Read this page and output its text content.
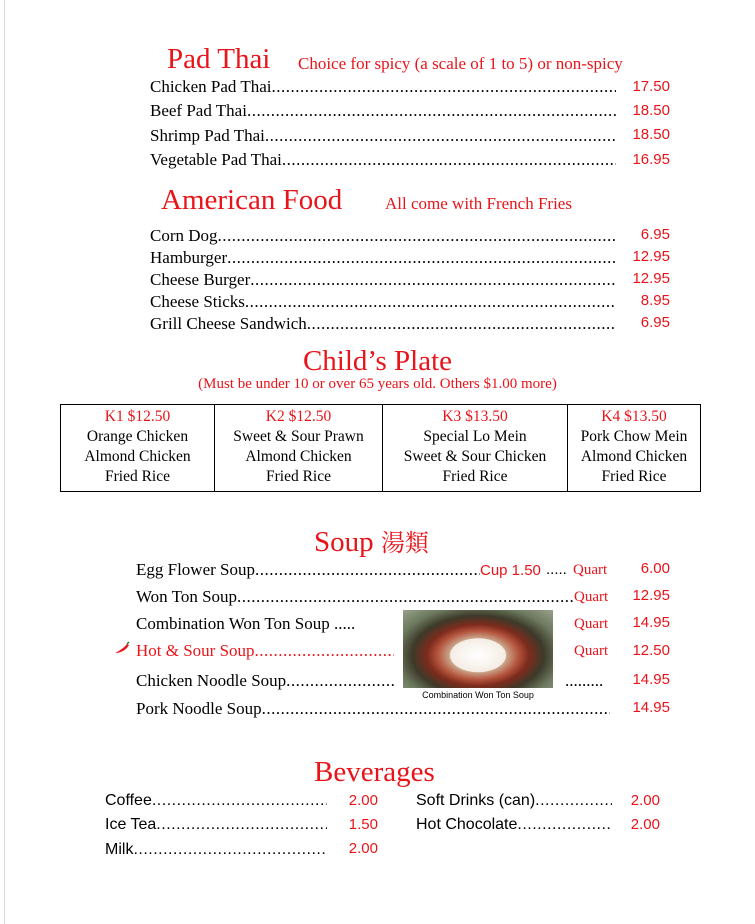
Pad Thai Choice for spicy (a scale of 1 to 5) or non-spicy
Chicken Pad Thai .....	17.50
Beef Pad Thai .....	18.50
Shrimp Pad Thai .....	18.50
Vegetable Pad Thai .....	16.95
American Food	All come with French Fries
Corn Dog .....	6.95
Hamburger .....	12.95
Cheese Burger .....	12.95
Cheese Sticks .....	8.95
Grill Cheese Sandwich .....	6.95
Child’s Plate
(Must be under 10 or over 65 years old. Others $1.00 more)
K1 $12.50
Orange Chicken
Almond Chicken
Fried Rice

K2 $12.50
Sweet & Sour Prawn
Almond Chicken
Fried Rice

K3 $13.50
Special Lo Mein
Sweet & Sour Chicken
Fried Rice

K4 $13.50
Pork Chow Mein
Almond Chicken
Fried Rice
Soup 湯類
Egg Flower Soup .....	Cup 1.50 ..... Quart	6.00
Won Ton Soup .....	Quart	12.95
Combination Won Ton Soup .....	Quart	14.95
Hot & Sour Soup .....	Quart	12.50
Chicken Noodle Soup .....	.........	14.95
Pork Noodle Soup .....	14.95
Combination Won Ton Soup
Beverages
Coffee .....	2.00
Ice Tea .....	1.50
Milk .....	2.00
Soft Drinks (can) .....	2.00
Hot Chocolate .....	2.00
